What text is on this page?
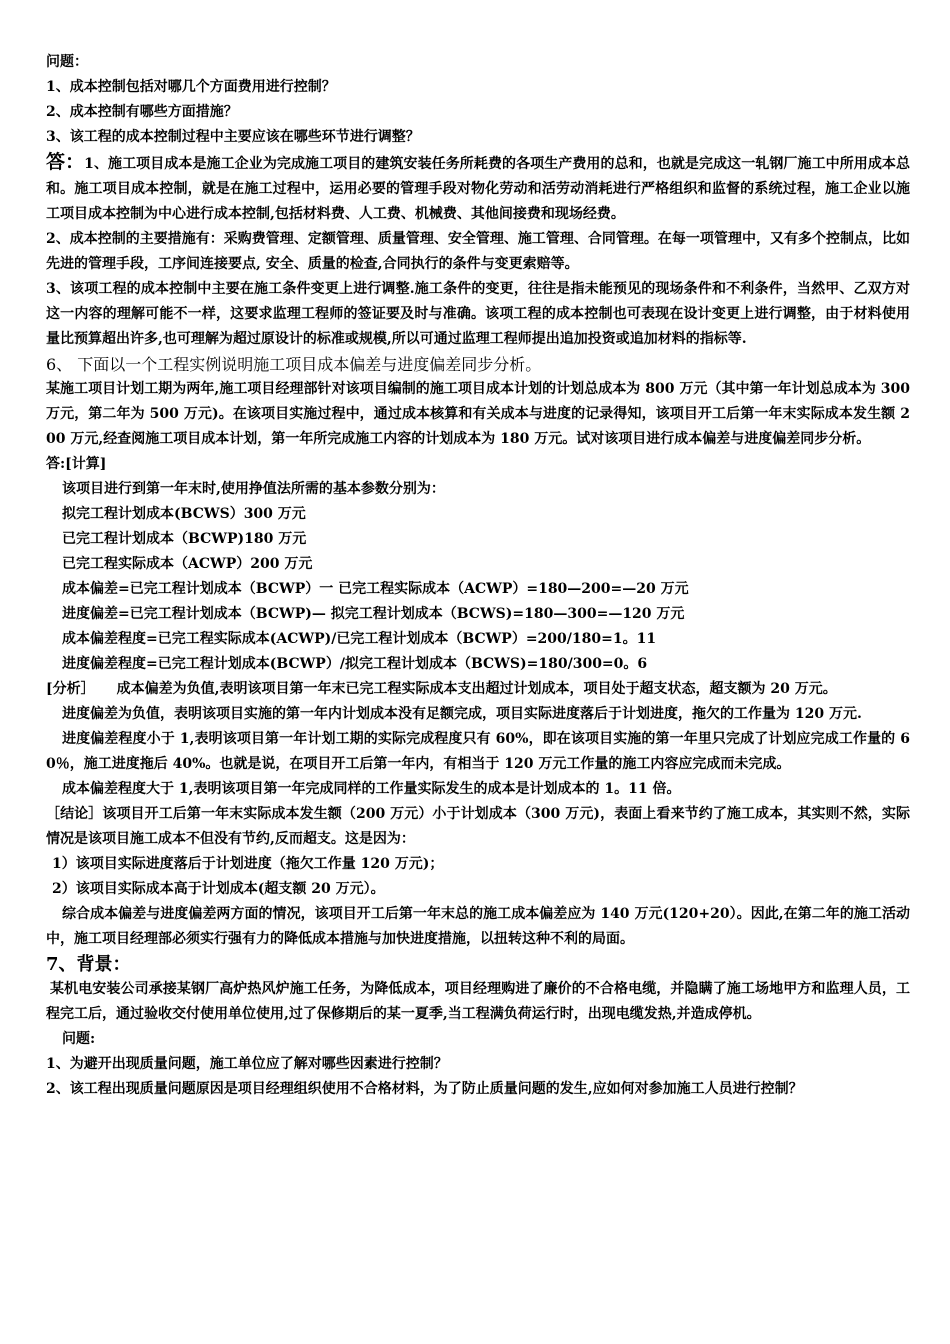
问题：
1、成本控制包括对哪几个方面费用进行控制？
2、成本控制有哪些方面措施？
3、该工程的成本控制过程中主要应该在哪些环节进行调整？

答：1、施工项目成本是施工企业为完成施工项目的建筑安装任务所耗费的各项生产费用的总和，也就是完成这一轧钢厂施工中所用成本总和。施工项目成本控制，就是在施工过程中，运用必要的管理手段对物化劳动和活劳动消耗进行严格组织和监督的系统过程，施工企业以施工项目成本控制为中心进行成本控制,包括材料费、人工费、机械费、其他间接费和现场经费。

2、成本控制的主要措施有：采购费管理、定额管理、质量管理、安全管理、施工管理、合同管理。在每一项管理中，又有多个控制点，比如先进的管理手段，工序间连接要点, 安全、质量的检查,合同执行的条件与变更索赔等。

3、该项工程的成本控制中主要在施工条件变更上进行调整.施工条件的变更，往往是指未能预见的现场条件和不利条件，当然甲、乙双方对这一内容的理解可能不一样，这要求监理工程师的签证要及时与准确。该项工程的成本控制也可表现在设计变更上进行调整，由于材料使用量比预算超出许多,也可理解为超过原设计的标准或规模,所以可通过监理工程师提出追加投资或追加材料的指标等.

6、 下面以一个工程实例说明施工项目成本偏差与进度偏差同步分析。

某施工项目计划工期为两年,施工项目经理部针对该项目编制的施工项目成本计划的计划总成本为 800 万元（其中第一年计划总成本为 300 万元，第二年为 500 万元)。在该项目实施过程中，通过成本核算和有关成本与进度的记录得知，该项目开工后第一年末实际成本发生额 200 万元,经查阅施工项目成本计划，第一年所完成施工内容的计划成本为 180 万元。试对该项目进行成本偏差与进度偏差同步分析。

答:[计算]
该项目进行到第一年末时,使用挣值法所需的基本参数分别为：
拟完工程计划成本(BCWS）300 万元
已完工程计划成本（BCWP)180 万元
已完工程实际成本（ACWP）200 万元
成本偏差=已完工程计划成本（BCWP）一 已完工程实际成本（ACWP）=180—200=—20 万元
进度偏差=已完工程计划成本（BCWP)— 拟完工程计划成本（BCWS)=180—300=—120 万元
成本偏差程度=已完工程实际成本(ACWP)/已完工程计划成本（BCWP）=200/180=1。11
进度偏差程度=已完工程计划成本(BCWP）/拟完工程计划成本（BCWS)=180/300=0。6

[分析］ 成本偏差为负值,表明该项目第一年末已完工程实际成本支出超过计划成本，项目处于超支状态，超支额为 20 万元。

进度偏差为负值，表明该项目实施的第一年内计划成本没有足额完成，项目实际进度落后于计划进度，拖欠的工作量为 120 万元.

进度偏差程度小于 1,表明该项目第一年计划工期的实际完成程度只有 60%，即在该项目实施的第一年里只完成了计划应完成工作量的 60％，施工进度拖后 40%。也就是说，在项目开工后第一年内，有相当于 120 万元工作量的施工内容应完成而未完成。

成本偏差程度大于 1,表明该项目第一年完成同样的工作量实际发生的成本是计划成本的 1。11 倍。

［结论］该项目开工后第一年末实际成本发生额（200 万元）小于计划成本（300 万元)，表面上看来节约了施工成本，其实则不然，实际情况是该项目施工成本不但没有节约,反而超支。这是因为：

1）该项目实际进度落后于计划进度（拖欠工作量 120 万元)；
2）该项目实际成本高于计划成本(超支额 20 万元）。

综合成本偏差与进度偏差两方面的情况，该项目开工后第一年末总的施工成本偏差应为 140 万元(120+20）。因此,在第二年的施工活动中，施工项目经理部必须实行强有力的降低成本措施与加快进度措施，以扭转这种不利的局面。

7、背景：

某机电安装公司承接某钢厂高炉热风炉施工任务，为降低成本，项目经理购进了廉价的不合格电缆，并隐瞒了施工场地甲方和监理人员，工程完工后，通过验收交付使用单位使用,过了保修期后的某一夏季,当工程满负荷运行时，出现电缆发热,并造成停机。

问题:
1、为避开出现质量问题，施工单位应了解对哪些因素进行控制？

2、该工程出现质量问题原因是项目经理组织使用不合格材料，为了防止质量问题的发生,应如何对参加施工人员进行控制？
